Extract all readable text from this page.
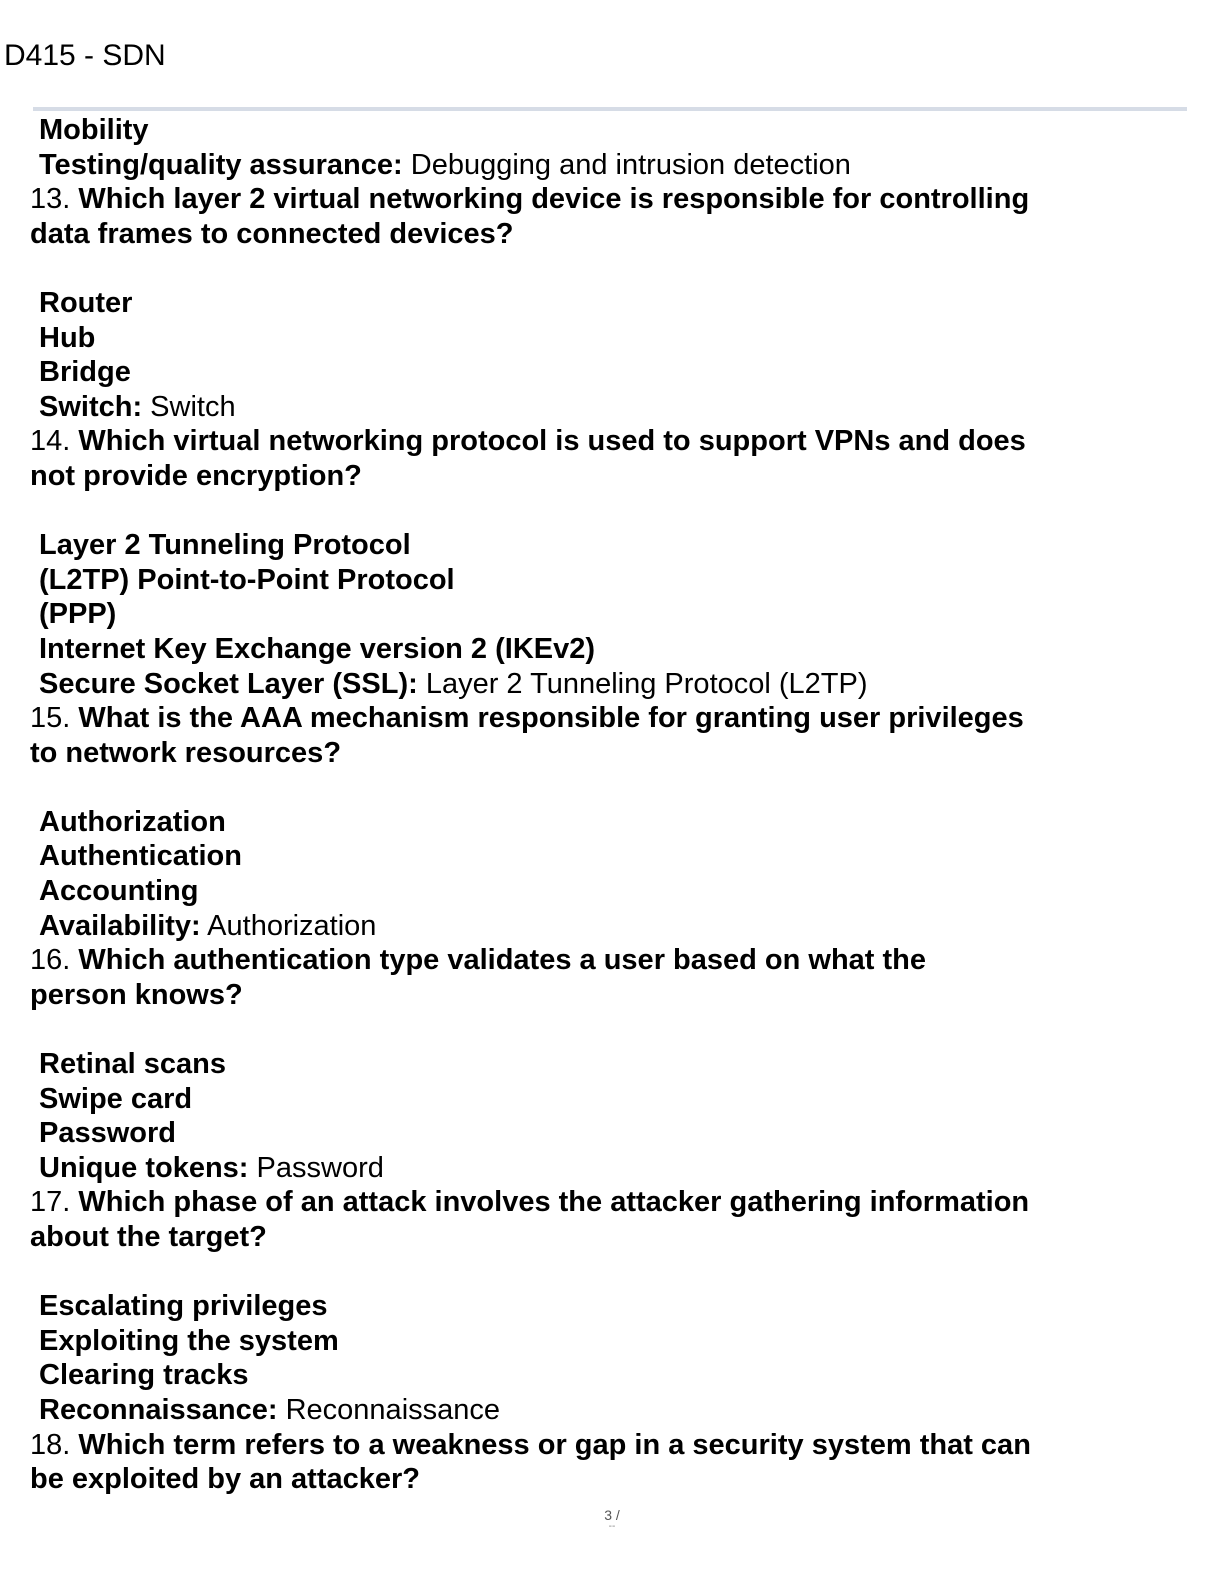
D415 - SDN
Mobility
Testing/quality assurance: Debugging and intrusion detection
13. Which layer 2 virtual networking device is responsible for controlling
data frames to connected devices?
Router
Hub
Bridge
Switch: Switch
14. Which virtual networking protocol is used to support VPNs and does
not provide encryption?
Layer 2 Tunneling Protocol
(L2TP) Point-to-Point Protocol
(PPP)
Internet Key Exchange version 2 (IKEv2)
Secure Socket Layer (SSL): Layer 2 Tunneling Protocol (L2TP)
15. What is the AAA mechanism responsible for granting user privileges
to network resources?
Authorization
Authentication
Accounting
Availability: Authorization
16. Which authentication type validates a user based on what the
person knows?
Retinal scans
Swipe card
Password
Unique tokens: Password
17. Which phase of an attack involves the attacker gathering information
about the target?
Escalating privileges
Exploiting the system
Clearing tracks
Reconnaissance: Reconnaissance
18. Which term refers to a weakness or gap in a security system that can
be exploited by an attacker?
3 /
--
